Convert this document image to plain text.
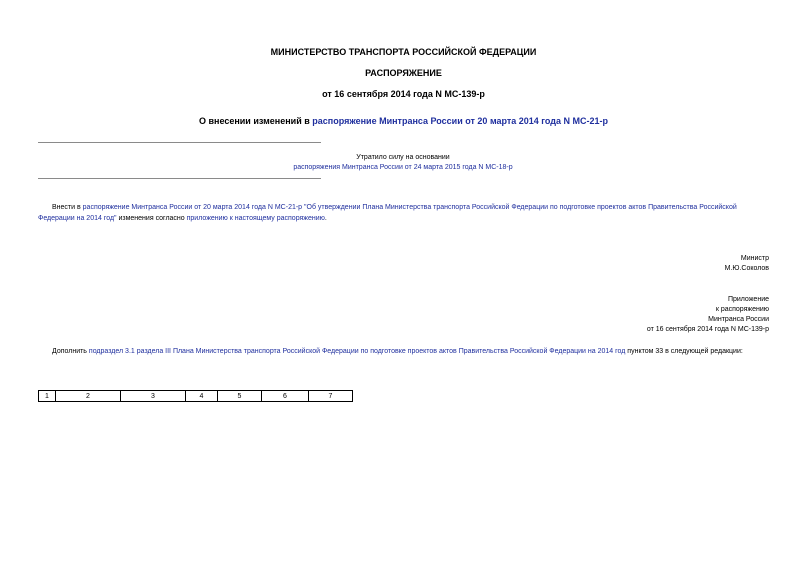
МИНИСТЕРСТВО ТРАНСПОРТА РОССИЙСКОЙ ФЕДЕРАЦИИ
РАСПОРЯЖЕНИЕ
от 16 сентября 2014 года N МС-139-р
О внесении изменений в распоряжение Минтранса России от 20 марта 2014 года N МС-21-р
Утратило силу на основании
распоряжения Минтранса России от 24 марта 2015 года N МС-18-р
Внести в распоряжение Минтранса России от 20 марта 2014 года N МС-21-р "Об утверждении Плана Министерства транспорта Российской Федерации по подготовке проектов актов Правительства Российской Федерации на 2014 год" изменения согласно приложению к настоящему распоряжению.
Министр
М.Ю.Соколов
Приложение
к распоряжению
Минтранса России
от 16 сентября 2014 года N МС-139-р
Дополнить подраздел 3.1 раздела III Плана Министерства транспорта Российской Федерации по подготовке проектов актов Правительства Российской Федерации на 2014 год пунктом 33 в следующей редакции:
1	2	3	4	5	6	7
